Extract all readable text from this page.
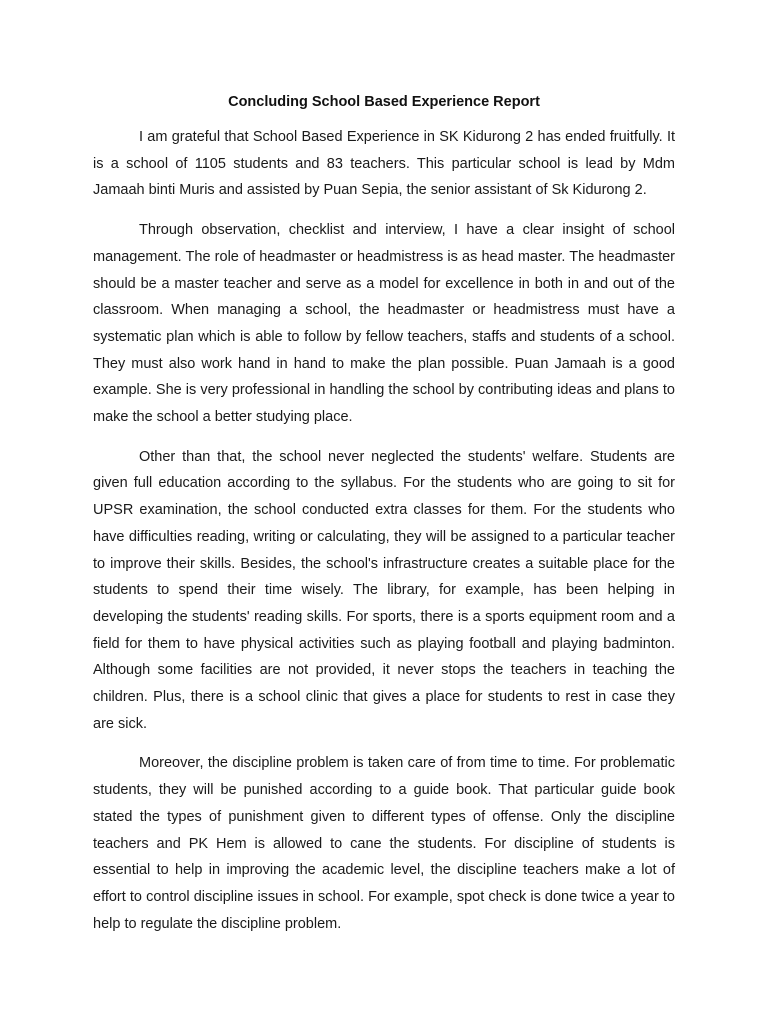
Concluding School Based Experience Report

I am grateful that School Based Experience in SK Kidurong 2 has ended fruitfully. It is a school of 1105 students and 83 teachers. This particular school is lead by Mdm Jamaah binti Muris and assisted by Puan Sepia, the senior assistant of Sk Kidurong 2.

Through observation, checklist and interview, I have a clear insight of school management. The role of headmaster or headmistress is as head master. The headmaster should be a master teacher and serve as a model for excellence in both in and out of the classroom. When managing a school, the headmaster or headmistress must have a systematic plan which is able to follow by fellow teachers, staffs and students of a school. They must also work hand in hand to make the plan possible. Puan Jamaah is a good example. She is very professional in handling the school by contributing ideas and plans to make the school a better studying place.

Other than that, the school never neglected the students' welfare. Students are given full education according to the syllabus. For the students who are going to sit for UPSR examination, the school conducted extra classes for them. For the students who have difficulties reading, writing or calculating, they will be assigned to a particular teacher to improve their skills. Besides, the school's infrastructure creates a suitable place for the students to spend their time wisely. The library, for example, has been helping in developing the students' reading skills. For sports, there is a sports equipment room and a field for them to have physical activities such as playing football and playing badminton. Although some facilities are not provided, it never stops the teachers in teaching the children. Plus, there is a school clinic that gives a place for students to rest in case they are sick.

Moreover, the discipline problem is taken care of from time to time. For problematic students, they will be punished according to a guide book. That particular guide book stated the types of punishment given to different types of offense. Only the discipline teachers and PK Hem is allowed to cane the students. For discipline of students is essential to help in improving the academic level, the discipline teachers make a lot of effort to control discipline issues in school. For example, spot check is done twice a year to help to regulate the discipline problem.
